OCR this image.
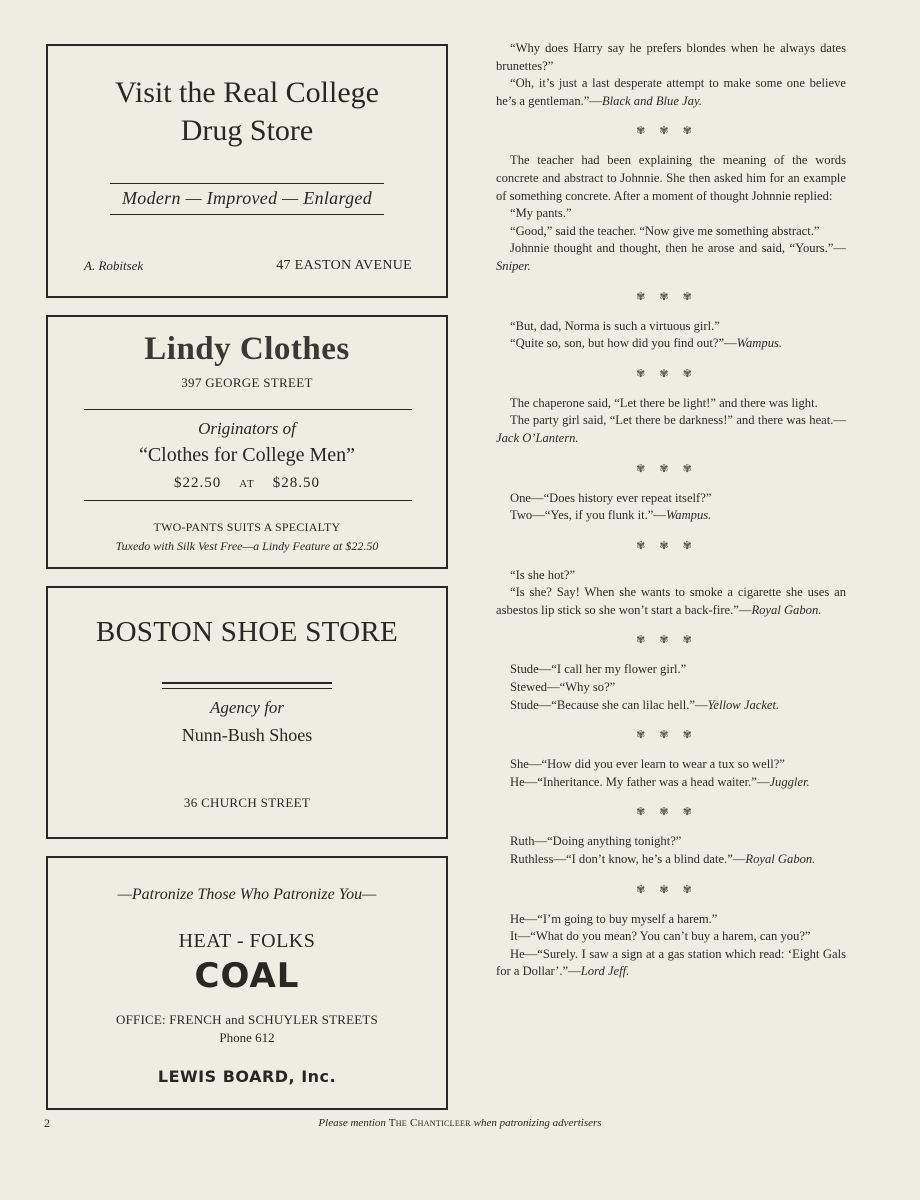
Visit the Real College
Drug Store
Modern — Improved — Enlarged
A. Robitsek	47 EASTON AVENUE
Lindy Clothes
397 GEORGE STREET
Originators of
“Clothes for College Men”
$22.50 AT $28.50
TWO-PANTS SUITS A SPECIALTY
Tuxedo with Silk Vest Free—a Lindy Feature at $22.50
BOSTON SHOE STORE
Agency for
Nunn-Bush Shoes
36 CHURCH STREET
—Patronize Those Who Patronize You—
HEAT - FOLKS
COAL
OFFICE: FRENCH and SCHUYLER STREETS
Phone 612
LEWIS BOARD, Inc.

“Why does Harry say he prefers blondes when he always dates brunettes?”

“Oh, it’s just a last desperate attempt to make some one believe he’s a gentleman.”—Black and Blue Jay.

✾✾✾

The teacher had been explaining the meaning of the words concrete and abstract to Johnnie. She then asked him for an example of something concrete. After a moment of thought Johnnie replied:

“My pants.”

“Good,” said the teacher. “Now give me something abstract.”

Johnnie thought and thought, then he arose and said, “Yours.”—Sniper.

✾✾✾

“But, dad, Norma is such a virtuous girl.”

“Quite so, son, but how did you find out?”—Wampus.

✾✾✾

The chaperone said, “Let there be light!” and there was light.

The party girl said, “Let there be darkness!” and there was heat.—Jack O’Lantern.

✾✾✾

One—“Does history ever repeat itself?”

Two—“Yes, if you flunk it.”—Wampus.

✾✾✾

“Is she hot?”

“Is she? Say! When she wants to smoke a cigarette she uses an asbestos lip stick so she won’t start a back-fire.”—Royal Gabon.

✾✾✾

Stude—“I call her my flower girl.”

Stewed—“Why so?”

Stude—“Because she can lilac hell.”—Yellow Jacket.

✾✾✾

She—“How did you ever learn to wear a tux so well?”

He—“Inheritance. My father was a head waiter.”—Juggler.

✾✾✾

Ruth—“Doing anything tonight?”

Ruthless—“I don’t know, he’s a blind date.”—Royal Gabon.

✾✾✾

He—“I’m going to buy myself a harem.”

It—“What do you mean? You can’t buy a harem, can you?”

He—“Surely. I saw a sign at a gas station which read: ‘Eight Gals for a Dollar’.”—Lord Jeff.

2	Please mention The Chanticleer when patronizing advertisers
